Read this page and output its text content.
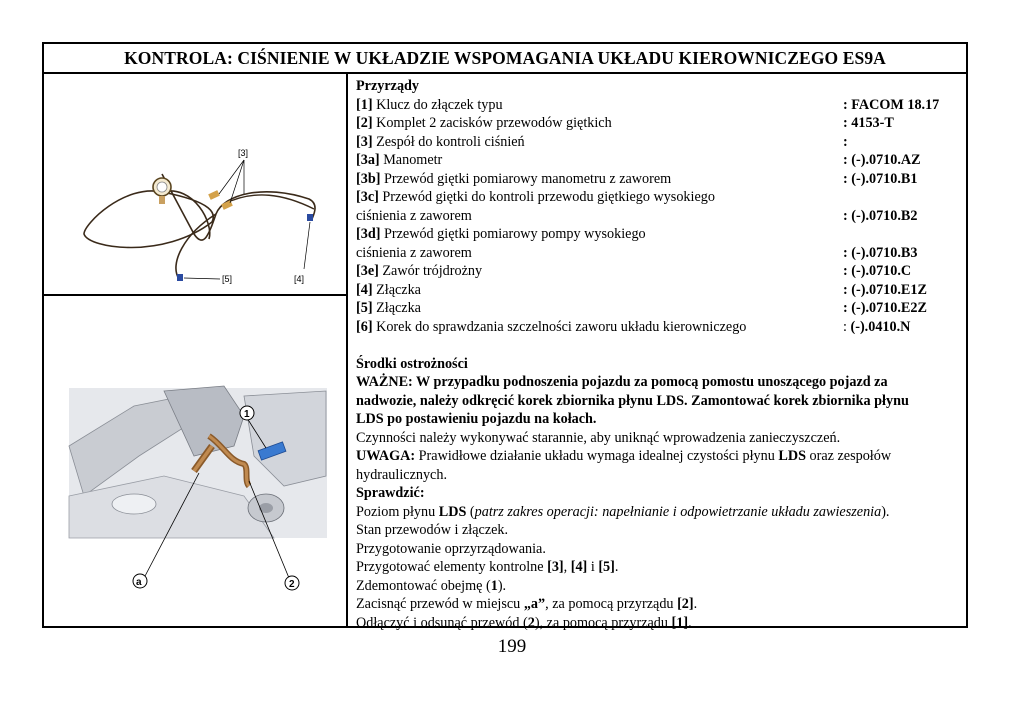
KONTROLA: CIŚNIENIE W UKŁADZIE WSPOMAGANIA UKŁADU KIEROWNICZEGO ES9A
[3]
[5]	[4]
1
a	2
Przyrządy
[1] Klucz do złączek typu	: FACOM 18.17
[2] Komplet 2 zacisków przewodów giętkich	: 4153-T
[3] Zespół do kontroli ciśnień	:
[3a] Manometr	: (-).0710.AZ
[3b] Przewód giętki pomiarowy manometru z zaworem	: (-).0710.B1
[3c] Przewód giętki do kontroli przewodu giętkiego wysokiego
ciśnienia z zaworem	: (-).0710.B2
[3d] Przewód giętki pomiarowy pompy wysokiego
ciśnienia z zaworem	: (-).0710.B3
[3e] Zawór trójdrożny	: (-).0710.C
[4] Złączka	: (-).0710.E1Z
[5] Złączka	: (-).0710.E2Z
[6] Korek do sprawdzania szczelności zaworu układu kierowniczego	: (-).0410.N
Środki ostrożności
WAŻNE: W przypadku podnoszenia pojazdu za pomocą pomostu unoszącego pojazd za
nadwozie, należy odkręcić korek zbiornika płynu LDS. Zamontować korek zbiornika płynu
LDS po postawieniu pojazdu na kołach.
Czynności należy wykonywać starannie, aby uniknąć wprowadzenia zanieczyszczeń.
UWAGA: Prawidłowe działanie układu wymaga idealnej czystości płynu LDS oraz zespołów
hydraulicznych.
Sprawdzić:
Poziom płynu LDS (patrz zakres operacji: napełnianie i odpowietrzanie układu zawieszenia).
Stan przewodów i złączek.
Przygotowanie oprzyrządowania.
Przygotować elementy kontrolne [3], [4] i [5].
Zdemontować obejmę (1).
Zacisnąć przewód w miejscu „a”, za pomocą przyrządu [2].
Odłączyć i odsunąć przewód (2), za pomocą przyrządu [1].
199
